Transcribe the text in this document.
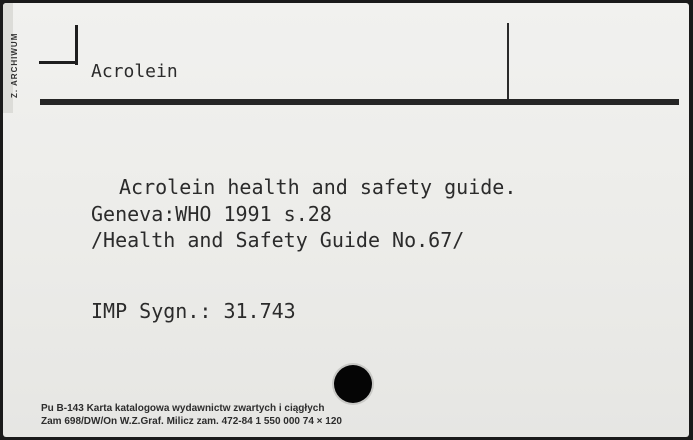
Z. ARCHIWUM	Acrolein
Acrolein health and safety guide.
Geneva:WHO 1991 s.28
/Health and Safety Guide No.67/
IMP Sygn.: 31.743
Pu B-143 Karta katalogowa wydawnictw zwartych i ciągłych
Zam 698/DW/On W.Z.Graf. Milicz zam. 472-84 1 550 000 74 × 120
